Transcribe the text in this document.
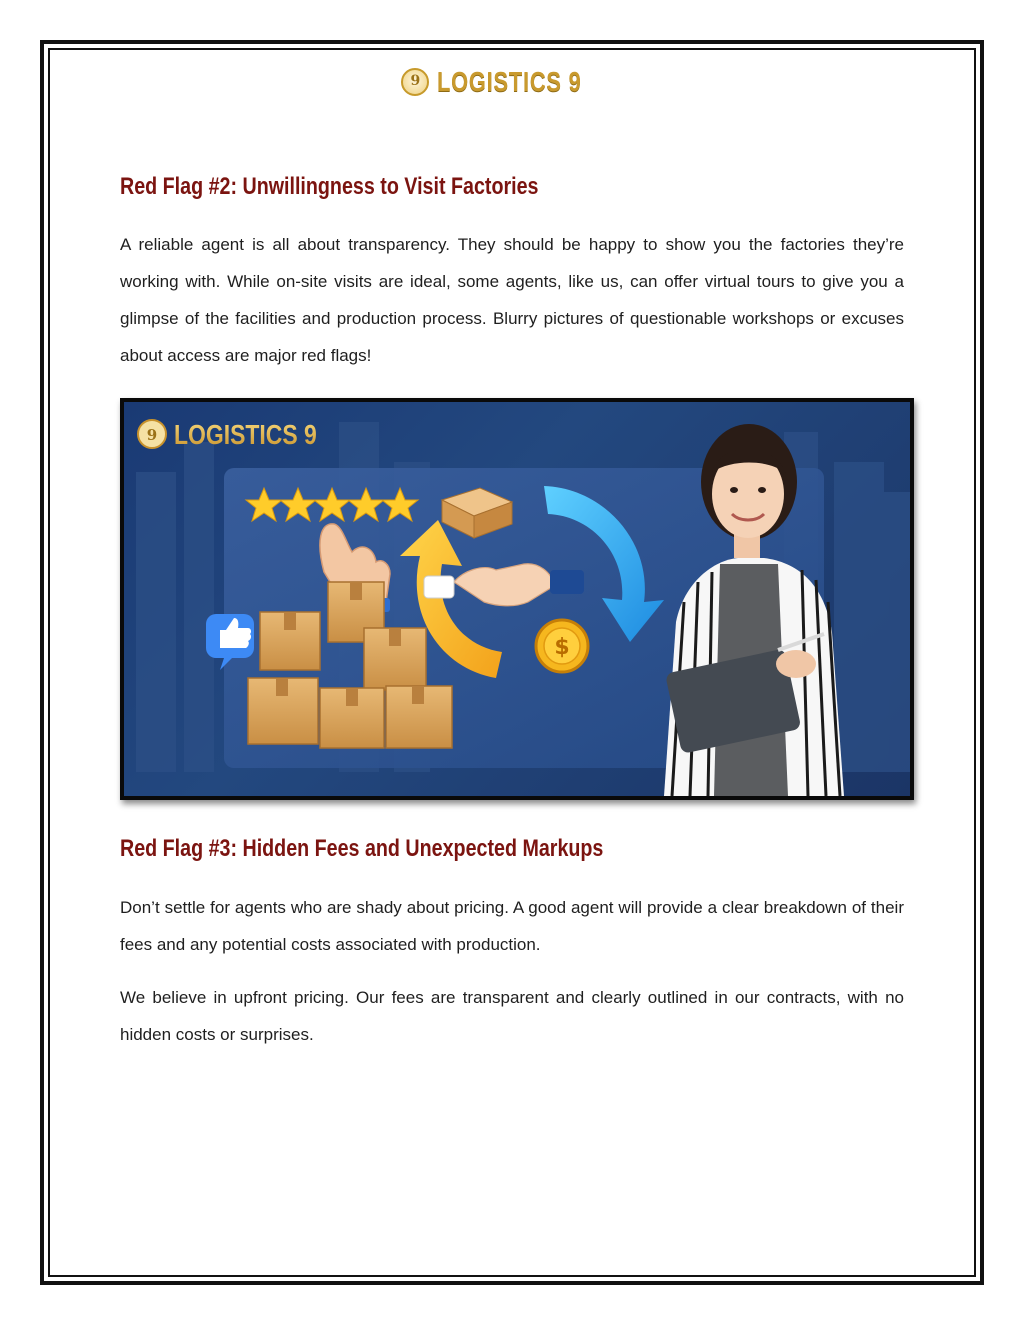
9 LOGISTICS 9
Red Flag #2: Unwillingness to Visit Factories

A reliable agent is all about transparency. They should be happy to show you the factories they’re working with. While on-site visits are ideal, some agents, like us, can offer virtual tours to give you a glimpse of the facilities and production process. Blurry pictures of questionable workshops or excuses about access are major red flags!

9 LOGISTICS 9
$
Red Flag #3: Hidden Fees and Unexpected Markups

Don’t settle for agents who are shady about pricing. A good agent will provide a clear breakdown of their fees and any potential costs associated with production.

We believe in upfront pricing. Our fees are transparent and clearly outlined in our contracts, with no hidden costs or surprises.
